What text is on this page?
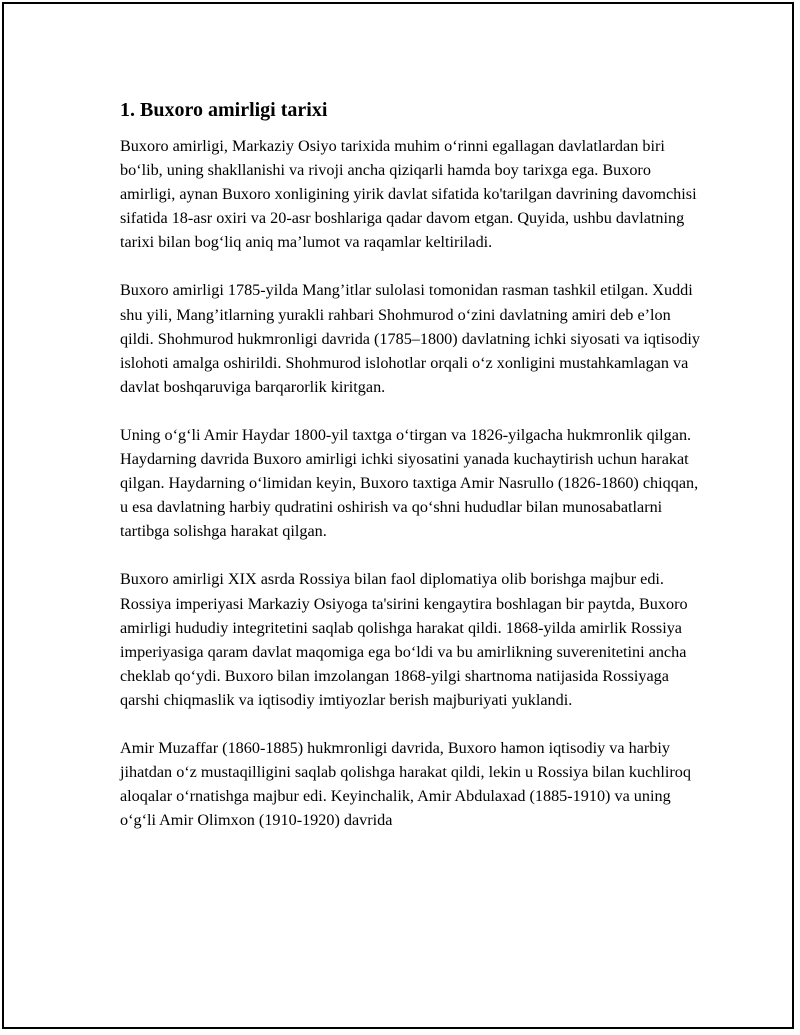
1. Buxoro amirligi tarixi

Buxoro amirligi, Markaziy Osiyo tarixida muhim o‘rinni egallagan davlatlardan biri bo‘lib, uning shakllanishi va rivoji ancha qiziqarli hamda boy tarixga ega. Buxoro amirligi, aynan Buxoro xonligining yirik davlat sifatida ko'tarilgan davrining davomchisi sifatida 18-asr oxiri va 20-asr boshlariga qadar davom etgan. Quyida, ushbu davlatning tarixi bilan bog‘liq aniq ma’lumot va raqamlar keltiriladi.

Buxoro amirligi 1785-yilda Mang’itlar sulolasi tomonidan rasman tashkil etilgan. Xuddi shu yili, Mang’itlarning yurakli rahbari Shohmurod o‘zini davlatning amiri deb e’lon qildi. Shohmurod hukmronligi davrida (1785–1800) davlatning ichki siyosati va iqtisodiy islohoti amalga oshirildi. Shohmurod islohotlar orqali o‘z xonligini mustahkamlagan va davlat boshqaruviga barqarorlik kiritgan.

Uning o‘g‘li Amir Haydar 1800-yil taxtga o‘tirgan va 1826-yilgacha hukmronlik qilgan. Haydarning davrida Buxoro amirligi ichki siyosatini yanada kuchaytirish uchun harakat qilgan. Haydarning o‘limidan keyin, Buxoro taxtiga Amir Nasrullo (1826-1860) chiqqan, u esa davlatning harbiy qudratini oshirish va qo‘shni hududlar bilan munosabatlarni tartibga solishga harakat qilgan.

Buxoro amirligi XIX asrda Rossiya bilan faol diplomatiya olib borishga majbur edi. Rossiya imperiyasi Markaziy Osiyoga ta'sirini kengaytira boshlagan bir paytda, Buxoro amirligi hududiy integritetini saqlab qolishga harakat qildi. 1868-yilda amirlik Rossiya imperiyasiga qaram davlat maqomiga ega bo‘ldi va bu amirlikning suverenitetini ancha cheklab qo‘ydi. Buxoro bilan imzolangan 1868-yilgi shartnoma natijasida Rossiyaga qarshi chiqmaslik va iqtisodiy imtiyozlar berish majburiyati yuklandi.

Amir Muzaffar (1860-1885) hukmronligi davrida, Buxoro hamon iqtisodiy va harbiy jihatdan o‘z mustaqilligini saqlab qolishga harakat qildi, lekin u Rossiya bilan kuchliroq aloqalar o‘rnatishga majbur edi. Keyinchalik, Amir Abdulaxad (1885-1910) va uning o‘g‘li Amir Olimxon (1910-1920) davrida
